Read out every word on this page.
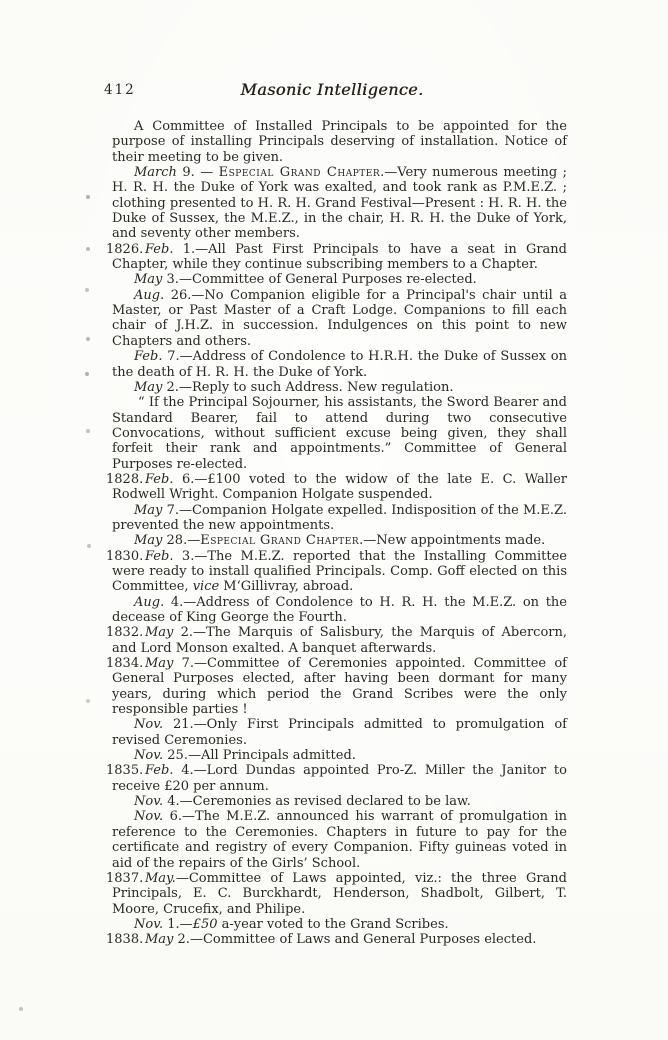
412	Masonic Intelligence.

A Committee of Installed Principals to be appointed for the purpose of installing Principals deserving of installation. Notice of their meeting to be given.

March 9. — Especial Grand Chapter.—Very numerous meeting ; H. R. H. the Duke of York was exalted, and took rank as P.M.E.Z. ; clothing presented to H. R. H. Grand Festival—Present : H. R. H. the Duke of Sussex, the M.E.Z., in the chair, H. R. H. the Duke of York, and seventy other members.

1826. Feb. 1.—All Past First Principals to have a seat in Grand Chapter, while they continue subscribing members to a Chapter.

May 3.—Committee of General Purposes re-elected.

Aug. 26.—No Companion eligible for a Principal's chair until a Master, or Past Master of a Craft Lodge. Companions to fill each chair of J.H.Z. in succession. Indulgences on this point to new Chapters and others.

Feb. 7.—Address of Condolence to H.R.H. the Duke of Sussex on the death of H. R. H. the Duke of York.

May 2.—Reply to such Address. New regulation.

“ If the Principal Sojourner, his assistants, the Sword Bearer and Standard Bearer, fail to attend during two consecutive Convocations, without sufficient excuse being given, they shall forfeit their rank and appointments.” Committee of General Purposes re-elected.

1828. Feb. 6.—£100 voted to the widow of the late E. C. Waller Rodwell Wright. Companion Holgate suspended.

May 7.—Companion Holgate expelled. Indisposition of the M.E.Z. prevented the new appointments.

May 28.—Especial Grand Chapter.—New appointments made.

1830. Feb. 3.—The M.E.Z. reported that the Installing Committee were ready to install qualified Principals. Comp. Goff elected on this Committee, vice M‘Gillivray, abroad.

Aug. 4.—Address of Condolence to H. R. H. the M.E.Z. on the decease of King George the Fourth.

1832. May 2.—The Marquis of Salisbury, the Marquis of Abercorn, and Lord Monson exalted. A banquet afterwards.

1834. May 7.—Committee of Ceremonies appointed. Committee of General Purposes elected, after having been dormant for many years, during which period the Grand Scribes were the only responsible parties !

Nov. 21.—Only First Principals admitted to promulgation of revised Ceremonies.

Nov. 25.—All Principals admitted.

1835. Feb. 4.—Lord Dundas appointed Pro-Z. Miller the Janitor to receive £20 per annum.

Nov. 4.—Ceremonies as revised declared to be law.

Nov. 6.—The M.E.Z. announced his warrant of promulgation in reference to the Ceremonies. Chapters in future to pay for the certificate and registry of every Companion. Fifty guineas voted in aid of the repairs of the Girls’ School.

1837. May.—Committee of Laws appointed, viz.: the three Grand Principals, E. C. Burckhardt, Henderson, Shadbolt, Gilbert, T. Moore, Crucefix, and Philipe.

Nov. 1.—£50 a-year voted to the Grand Scribes.

1838. May 2.—Committee of Laws and General Purposes elected.
